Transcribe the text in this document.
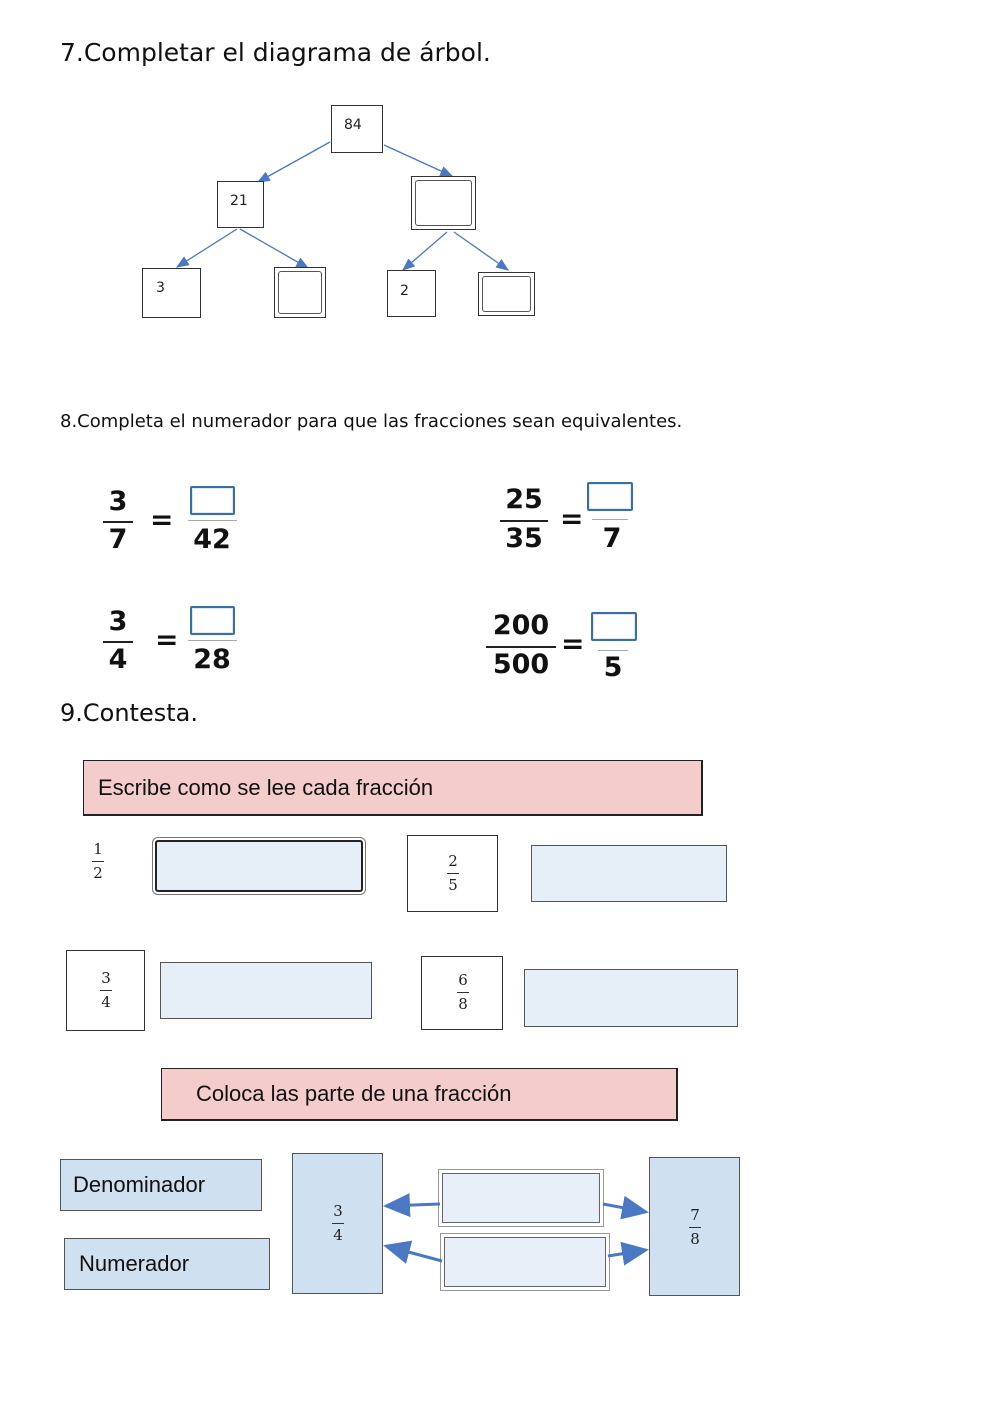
7.Completar el diagrama de árbol.
84
21
3	2
8.Completa el numerador para que las fracciones sean equivalentes.
3
7
=
42
25
35
=
7
3
4
=
28
200
500
=
5
9.Contesta.
Escribe como se lee cada fracción
1
2
2
5
3
4
6
8
Coloca las parte de una fracción
Denominador
Numerador
3
4
7
8
